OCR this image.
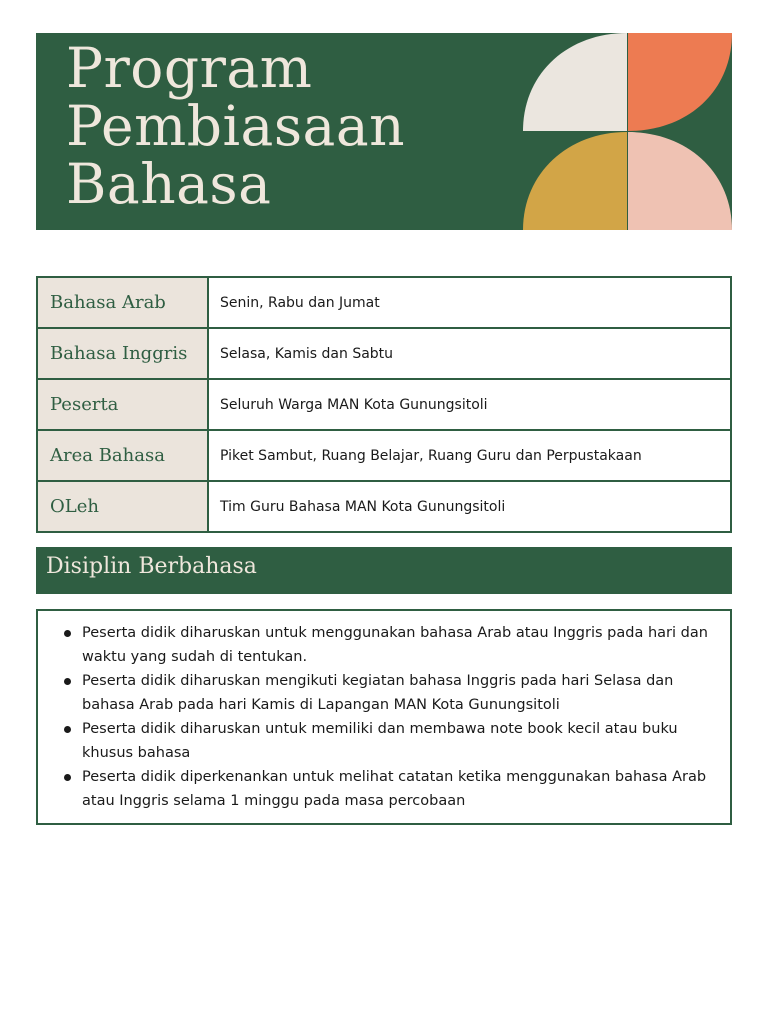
Program
Pembiasaan
Bahasa
Bahasa Arab	Senin, Rabu dan Jumat
Bahasa Inggris	Selasa, Kamis dan Sabtu
Peserta	Seluruh Warga MAN Kota Gunungsitoli
Area Bahasa	Piket Sambut, Ruang Belajar, Ruang Guru dan Perpustakaan
OLeh	Tim Guru Bahasa MAN Kota Gunungsitoli
Disiplin Berbahasa
Peserta didik diharuskan untuk menggunakan bahasa Arab atau Inggris pada hari dan waktu yang sudah di tentukan.
Peserta didik diharuskan mengikuti kegiatan bahasa Inggris pada hari Selasa dan bahasa Arab pada hari Kamis di Lapangan MAN Kota Gunungsitoli
Peserta didik diharuskan untuk memiliki dan membawa note book kecil atau buku khusus bahasa
Peserta didik diperkenankan untuk melihat catatan ketika menggunakan bahasa Arab atau Inggris selama 1 minggu pada masa percobaan
